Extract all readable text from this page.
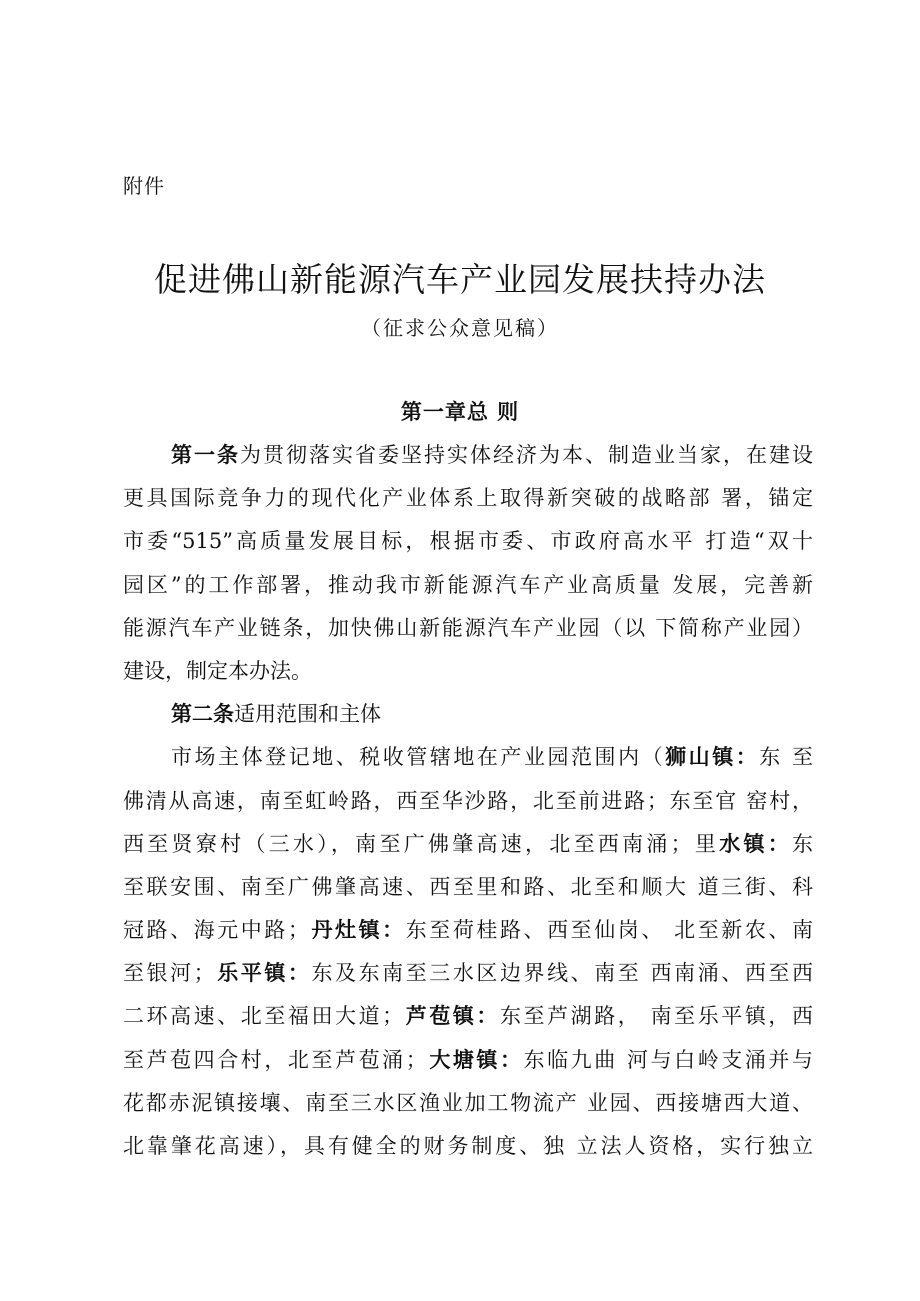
附件
促进佛山新能源汽车产业园发展扶持办法
（征求公众意见稿）
第一章总 则
第一条为贯彻落实省委坚持实体经济为本、制造业当家，在建设
更具国际竞争力的现代化产业体系上取得新突破的战略部 署，锚定
市委“515”高质量发展目标，根据市委、市政府高水平 打造“双十
园区”的工作部署，推动我市新能源汽车产业高质量 发展，完善新
能源汽车产业链条，加快佛山新能源汽车产业园（以 下简称产业园）
建设，制定本办法。
第二条适用范围和主体
市场主体登记地、税收管辖地在产业园范围内（狮山镇：东 至
佛清从高速，南至虹岭路，西至华沙路，北至前进路；东至官 窑村，
西至贤寮村（三水），南至广佛肇高速，北至西南涌；里水镇：东
至联安围、南至广佛肇高速、西至里和路、北至和顺大 道三街、科
冠路、海元中路；丹灶镇：东至荷桂路、西至仙岗、 北至新农、南
至银河；乐平镇：东及东南至三水区边界线、南至 西南涌、西至西
二环高速、北至福田大道；芦苞镇：东至芦湖路， 南至乐平镇，西
至芦苞四合村，北至芦苞涌；大塘镇：东临九曲 河与白岭支涌并与
花都赤泥镇接壤、南至三水区渔业加工物流产 业园、西接塘西大道、
北靠肇花高速），具有健全的财务制度、独 立法人资格，实行独立
